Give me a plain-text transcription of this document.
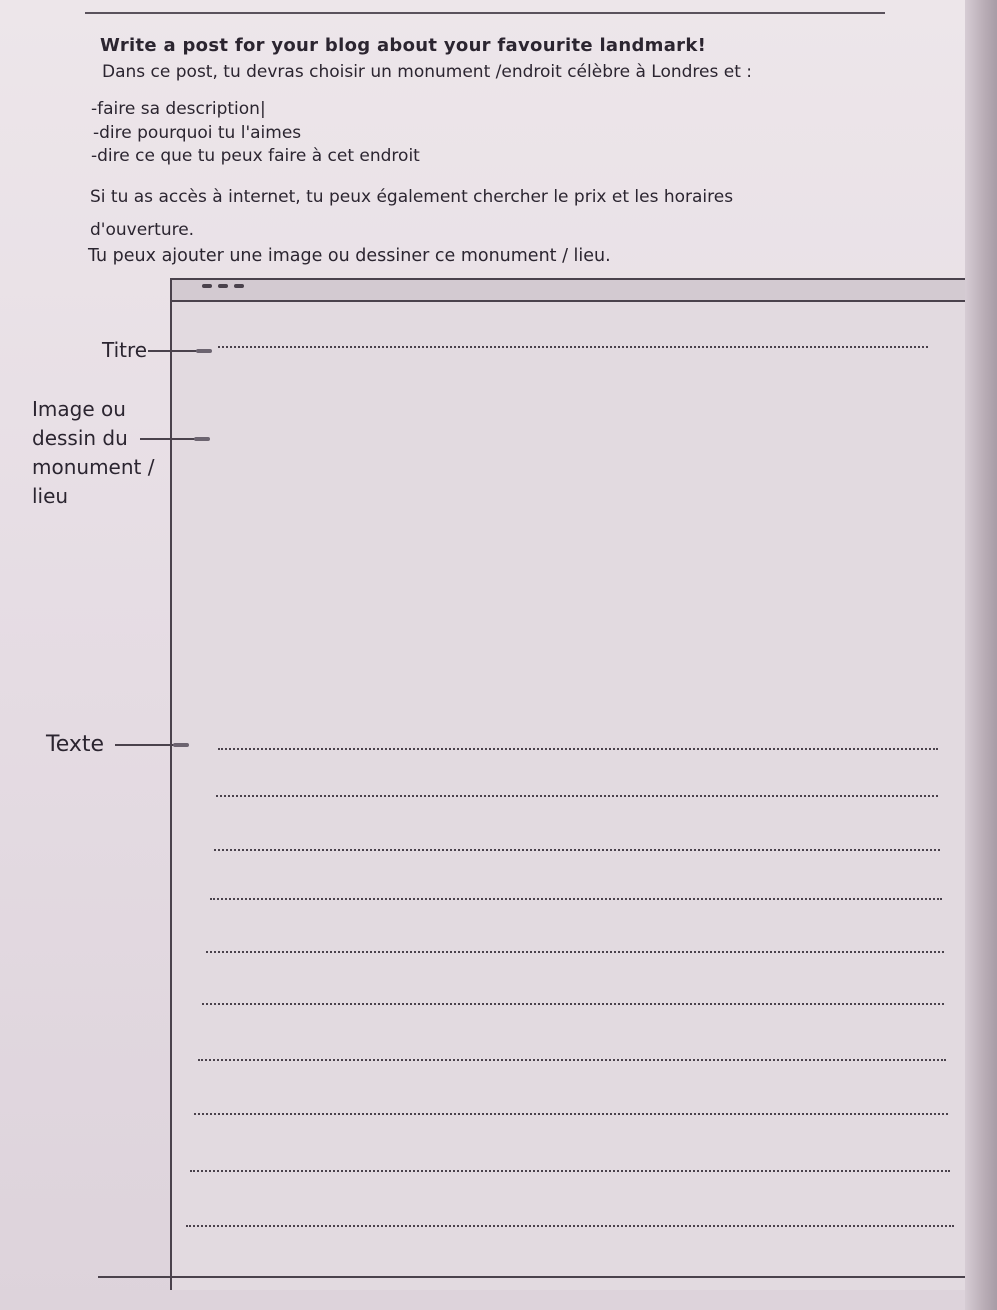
Write a post for your blog about your favourite landmark!

Dans ce post, tu devras choisir un monument /endroit célèbre à Londres et :

-faire sa description|

-dire pourquoi tu l'aimes

-dire ce que tu peux faire à cet endroit

Si tu as accès à internet, tu peux également chercher le prix et les horaires

d'ouverture.

Tu peux ajouter une image ou dessiner ce monument / lieu.

Titre

Image ou dessin du monument / lieu

Texte
